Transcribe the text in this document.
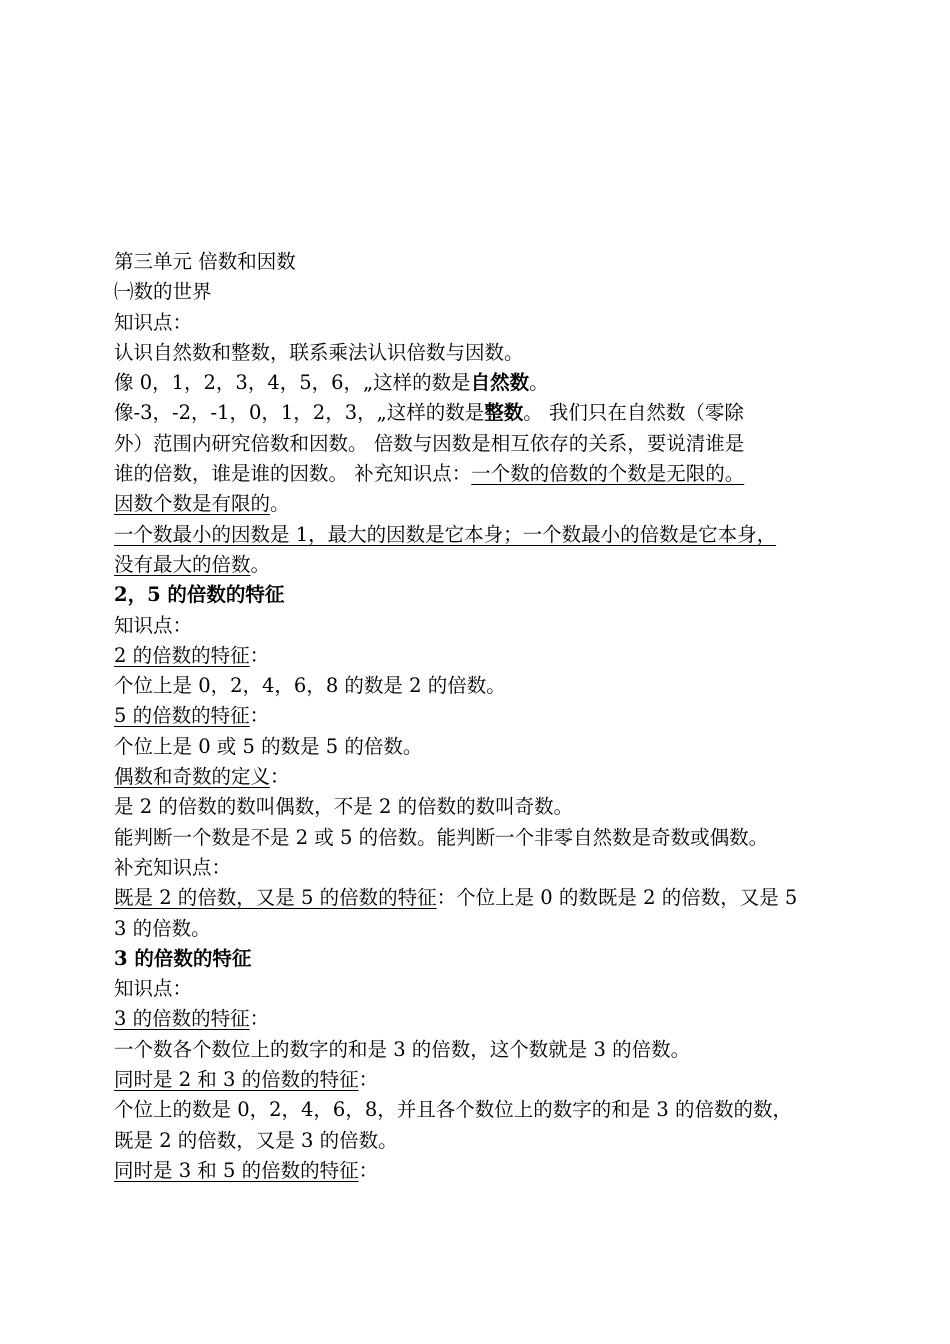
第三单元 倍数和因数
㈠数的世界
知识点：
认识自然数和整数，联系乘法认识倍数与因数。
像 0，1，2，3，4，5，6，„这样的数是自然数。
像-3，-2，-1，0，1，2，3，„这样的数是整数。 我们只在自然数（零除
外）范围内研究倍数和因数。 倍数与因数是相互依存的关系，要说清谁是
谁的倍数，谁是谁的因数。 补充知识点：一个数的倍数的个数是无限的。
因数个数是有限的。
一个数最小的因数是 1，最大的因数是它本身；一个数最小的倍数是它本身，
没有最大的倍数。
2，5 的倍数的特征
知识点：
2 的倍数的特征：
个位上是 0，2，4，6，8 的数是 2 的倍数。
5 的倍数的特征：
个位上是 0 或 5 的数是 5 的倍数。
偶数和奇数的定义：
是 2 的倍数的数叫偶数，不是 2 的倍数的数叫奇数。
能判断一个数是不是 2 或 5 的倍数。能判断一个非零自然数是奇数或偶数。
补充知识点：
既是 2 的倍数，又是 5 的倍数的特征：个位上是 0 的数既是 2 的倍数，又是 5
3 的倍数。
3 的倍数的特征
知识点：
3 的倍数的特征：
一个数各个数位上的数字的和是 3 的倍数，这个数就是 3 的倍数。
同时是 2 和 3 的倍数的特征：
个位上的数是 0，2，4，6，8，并且各个数位上的数字的和是 3 的倍数的数，
既是 2 的倍数，又是 3 的倍数。
同时是 3 和 5 的倍数的特征：
